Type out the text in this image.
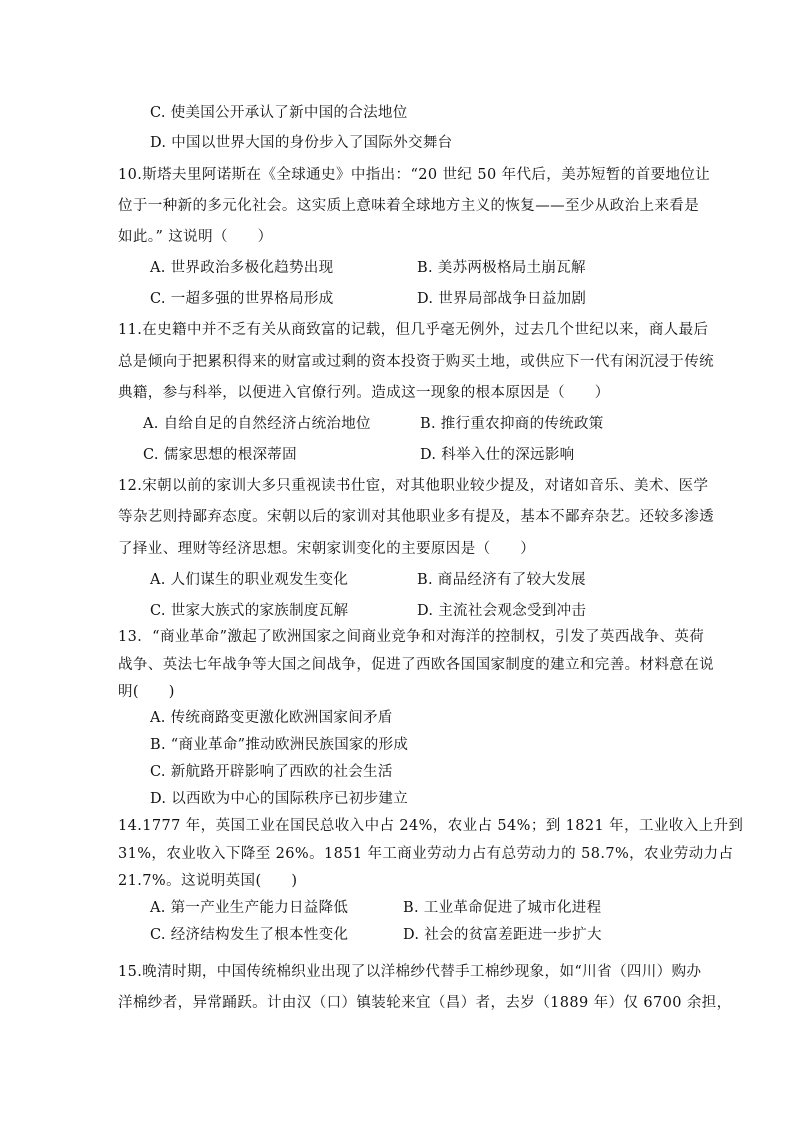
C. 使美国公开承认了新中国的合法地位
D. 中国以世界大国的身份步入了国际外交舞台
10.斯塔夫里阿诺斯在《全球通史》中指出：“20 世纪 50 年代后，美苏短暂的首要地位让
位于一种新的多元化社会。这实质上意味着全球地方主义的恢复——至少从政治上来看是
如此。” 这说明（　　）
A. 世界政治多极化趋势出现	B. 美苏两极格局土崩瓦解
C. 一超多强的世界格局形成	D. 世界局部战争日益加剧
11.在史籍中并不乏有关从商致富的记载，但几乎毫无例外，过去几个世纪以来，商人最后
总是倾向于把累积得来的财富或过剩的资本投资于购买土地，或供应下一代有闲沉浸于传统
典籍，参与科举，以便进入官僚行列。造成这一现象的根本原因是（　　）
A. 自给自足的自然经济占统治地位	B. 推行重农抑商的传统政策
C. 儒家思想的根深蒂固	D. 科举入仕的深远影响
12.宋朝以前的家训大多只重视读书仕宦，对其他职业较少提及，对诸如音乐、美术、医学
等杂艺则持鄙弃态度。宋朝以后的家训对其他职业多有提及，基本不鄙弃杂艺。还较多渗透
了择业、理财等经济思想。宋朝家训变化的主要原因是（　　）
A. 人们谋生的职业观发生变化	B. 商品经济有了较大发展
C. 世家大族式的家族制度瓦解	D. 主流社会观念受到冲击
13．“商业革命”激起了欧洲国家之间商业竞争和对海洋的控制权，引发了英西战争、英荷
战争、英法七年战争等大国之间战争，促进了西欧各国国家制度的建立和完善。材料意在说
明(　　)
A. 传统商路变更激化欧洲国家间矛盾
B. “商业革命”推动欧洲民族国家的形成
C. 新航路开辟影响了西欧的社会生活
D. 以西欧为中心的国际秩序已初步建立
14.1777 年，英国工业在国民总收入中占 24%，农业占 54%；到 1821 年，工业收入上升到
31%，农业收入下降至 26%。1851 年工商业劳动力占有总劳动力的 58.7%，农业劳动力占
21.7%。这说明英国(　　)
A. 第一产业生产能力日益降低	B. 工业革命促进了城市化进程
C. 经济结构发生了根本性变化	D. 社会的贫富差距进一步扩大
15.晚清时期，中国传统棉织业出现了以洋棉纱代替手工棉纱现象，如“川省（四川）购办
洋棉纱者，异常踊跃。计由汉（口）镇装轮来宜（昌）者，去岁（1889 年）仅 6700 余担，
